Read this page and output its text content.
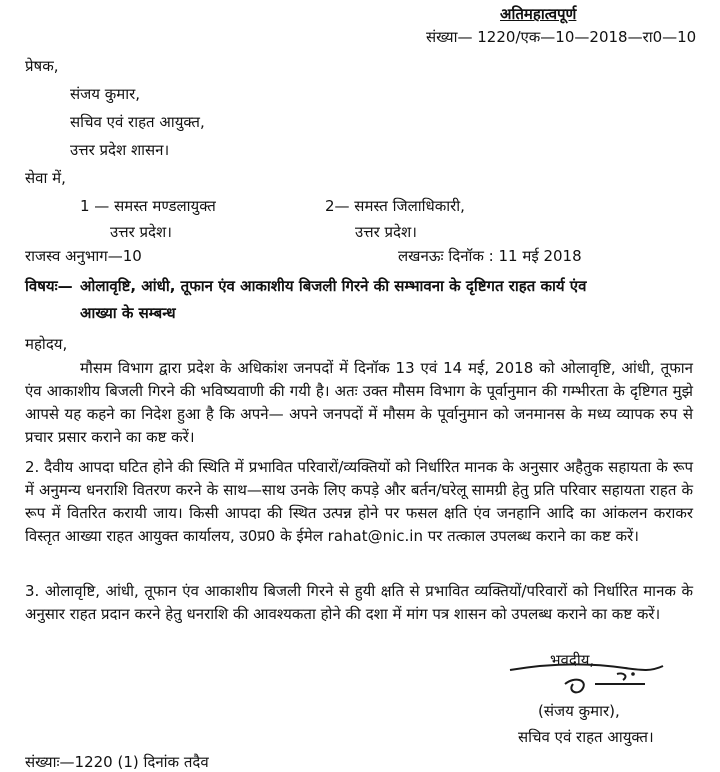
अतिमहात्वपूर्ण
संख्या— 1220/एक—10—2018—रा0—10
प्रेषक,
संजय कुमार,
सचिव एवं राहत आयुक्त,
उत्तर प्रदेश शासन।
सेवा में,
1 — समस्त मण्डलायुक्त
उत्तर प्रदेश।
2— समस्त जिलाधिकारी,
उत्तर प्रदेश।
राजस्व अनुभाग—10	लखनऊः दिनॉक : 11 मई 2018
विषयः— ओलावृष्टि, आंधी, तूफान एंव आकाशीय बिजली गिरने की सम्भावना के दृष्टिगत राहत कार्य एंव
आख्या के सम्बन्ध
महोदय,
मौसम विभाग द्वारा प्रदेश के अधिकांश जनपदों में दिनॉक 13 एवं 14 मई, 2018 को ओलावृष्टि, आंधी, तूफान एंव आकाशीय बिजली गिरने की भविष्यवाणी की गयी है। अतः उक्त मौसम विभाग के पूर्वानुमान की गम्भीरता के दृष्टिगत मुझे आपसे यह कहने का निदेश हुआ है कि अपने— अपने जनपदों में मौसम के पूर्वानुमान को जनमानस के मध्य व्यापक रुप से प्रचार प्रसार कराने का कष्ट करें।
2. दैवीय आपदा घटित होने की स्थिति में प्रभावित परिवारों/व्यक्तियों को निर्धारित मानक के अनुसार अहैतुक सहायता के रूप में अनुमन्य धनराशि वितरण करने के साथ—साथ उनके लिए कपड़े और बर्तन/घरेलू सामग्री हेतु प्रति परिवार सहायता राहत के रूप में वितरित करायी जाय। किसी आपदा की स्थित उत्पन्न होने पर फसल क्षति एंव जनहानि आदि का आंकलन कराकर विस्तृत आख्या राहत आयुक्त कार्यालय, उ0प्र0 के ईमेल rahat@nic.in पर तत्काल उपलब्ध कराने का कष्ट करें।
3. ओलावृष्टि, आंधी, तूफान एंव आकाशीय बिजली गिरने से हुयी क्षति से प्रभावित व्यक्तियों/परिवारों को निर्धारित मानक के अनुसार राहत प्रदान करने हेतु धनराशि की आवश्यकता होने की दशा में मांग पत्र शासन को उपलब्ध कराने का कष्ट करें।
भवदीय,
(संजय कुमार),
सचिव एवं राहत आयुक्त।
संख्याः—1220 (1) दिनांक तदैव
